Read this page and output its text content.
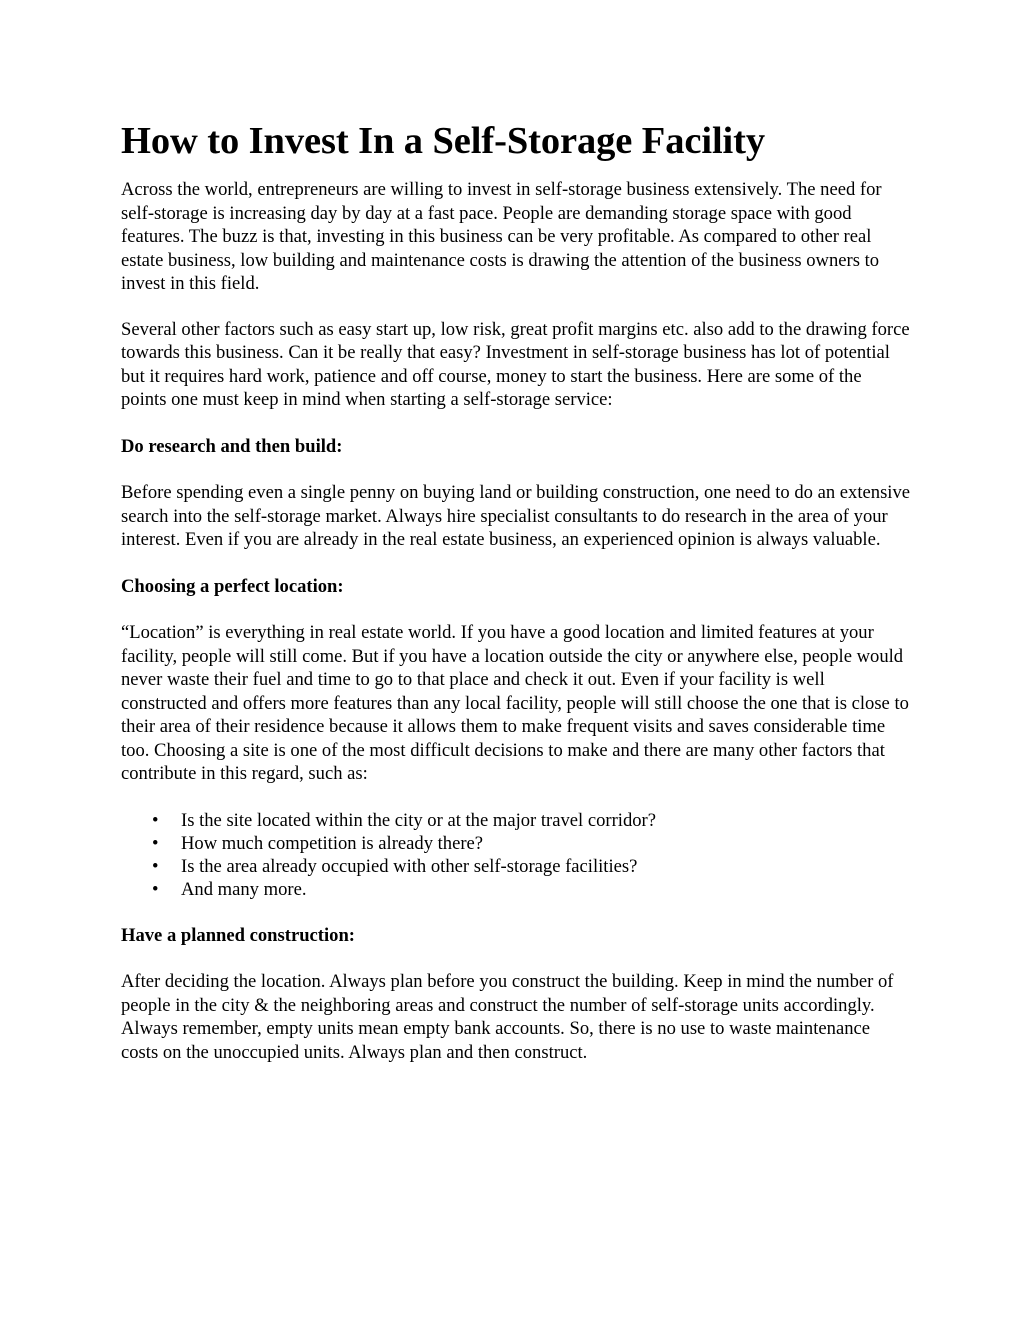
How to Invest In a Self-Storage Facility

Across the world, entrepreneurs are willing to invest in self-storage business extensively. The need for self-storage is increasing day by day at a fast pace. People are demanding storage space with good features. The buzz is that, investing in this business can be very profitable. As compared to other real estate business, low building and maintenance costs is drawing the attention of the business owners to invest in this field.

Several other factors such as easy start up, low risk, great profit margins etc. also add to the drawing force towards this business. Can it be really that easy? Investment in self-storage business has lot of potential but it requires hard work, patience and off course, money to start the business. Here are some of the points one must keep in mind when starting a self-storage service:

Do research and then build:

Before spending even a single penny on buying land or building construction, one need to do an extensive search into the self-storage market. Always hire specialist consultants to do research in the area of your interest. Even if you are already in the real estate business, an experienced opinion is always valuable.

Choosing a perfect location:

“Location” is everything in real estate world. If you have a good location and limited features at your facility, people will still come. But if you have a location outside the city or anywhere else, people would never waste their fuel and time to go to that place and check it out. Even if your facility is well constructed and offers more features than any local facility, people will still choose the one that is close to their area of their residence because it allows them to make frequent visits and saves considerable time too. Choosing a site is one of the most difficult decisions to make and there are many other factors that contribute in this regard, such as:

• Is the site located within the city or at the major travel corridor?
• How much competition is already there?
• Is the area already occupied with other self-storage facilities?
• And many more.
Have a planned construction:

After deciding the location. Always plan before you construct the building. Keep in mind the number of people in the city & the neighboring areas and construct the number of self-storage units accordingly. Always remember, empty units mean empty bank accounts. So, there is no use to waste maintenance costs on the unoccupied units. Always plan and then construct.
